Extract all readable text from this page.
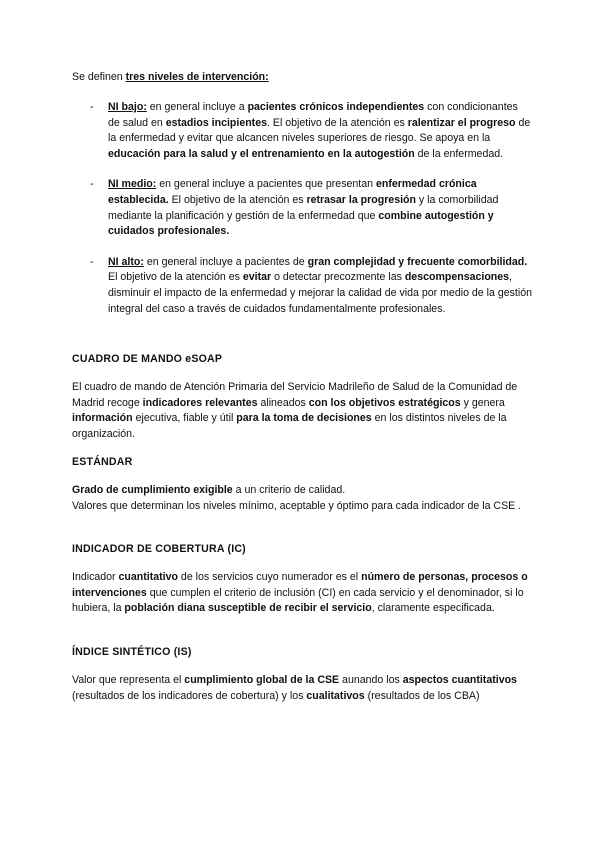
Se definen tres niveles de intervención:
- NI bajo: en general incluye a pacientes crónicos independientes con condicionantes de salud en estadios incipientes. El objetivo de la atención es ralentizar el progreso de la enfermedad y evitar que alcancen niveles superiores de riesgo. Se apoya en la educación para la salud y el entrenamiento en la autogestión de la enfermedad.
- NI medio: en general incluye a pacientes que presentan enfermedad crónica establecida. El objetivo de la atención es retrasar la progresión y la comorbilidad mediante la planificación y gestión de la enfermedad que combine autogestión y cuidados profesionales.
- NI alto: en general incluye a pacientes de gran complejidad y frecuente comorbilidad. El objetivo de la atención es evitar o detectar precozmente las descompensaciones, disminuir el impacto de la enfermedad y mejorar la calidad de vida por medio de la gestión integral del caso a través de cuidados fundamentalmente profesionales.
CUADRO DE MANDO eSOAP
El cuadro de mando de Atención Primaria del Servicio Madrileño de Salud de la Comunidad de Madrid recoge indicadores relevantes alineados con los objetivos estratégicos y genera información ejecutiva, fiable y útil para la toma de decisiones en los distintos niveles de la organización.
ESTÁNDAR
Grado de cumplimiento exigible a un criterio de calidad.
Valores que determinan los niveles mínimo, aceptable y óptimo para cada indicador de la CSE .
INDICADOR DE COBERTURA (IC)
Indicador cuantitativo de los servicios cuyo numerador es el número de personas, procesos o intervenciones que cumplen el criterio de inclusión (CI) en cada servicio y el denominador, si lo hubiera, la población diana susceptible de recibir el servicio, claramente especificada.
ÍNDICE SINTÉTICO (IS)
Valor que representa el cumplimiento global de la CSE aunando los aspectos cuantitativos (resultados de los indicadores de cobertura) y los cualitativos (resultados de los CBA)
